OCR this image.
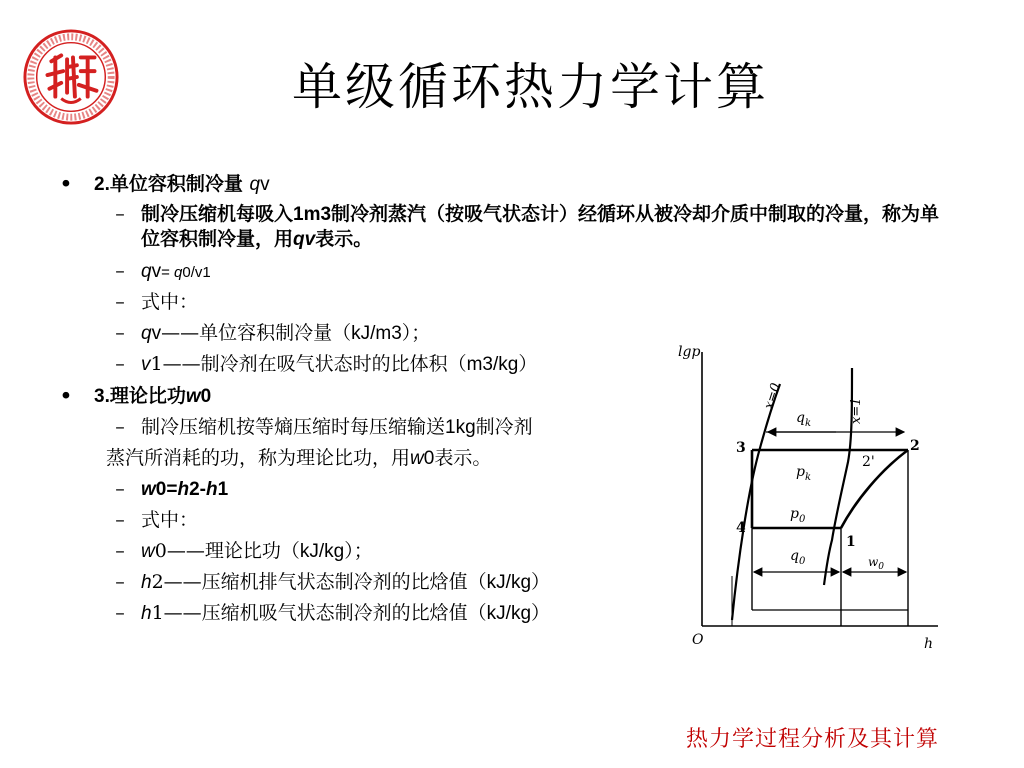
单级循环热力学计算
• 2.单位容积制冷量 qv
– 制冷压缩机每吸入1m3制冷剂蒸汽（按吸气状态计）经循环从被冷却介质中制取的冷量，称为单位容积制冷量，用qv表示。
– qv= q0/v1
– 式中：
– qv——单位容积制冷量（kJ/m3）；
– v1——制冷剂在吸气状态时的比体积（m3/kg）
• 3.理论比功w0
– 制冷压缩机按等熵压缩时每压缩输送1kg制冷剂
蒸汽所消耗的功，称为理论比功，用w0表示。
– w0=h2-h1
– 式中：
– w0——理论比功（kJ/kg）；
– h2——压缩机排气状态制冷剂的比焓值（kJ/kg）
– h1——压缩机吸气状态制冷剂的比焓值（kJ/kg）
lgp
h
O
x=0	x=1
3	2
2'
4
1
$q_k$
$p_k$
$p_0$
$q_0$	$w_0$
热力学过程分析及其计算
